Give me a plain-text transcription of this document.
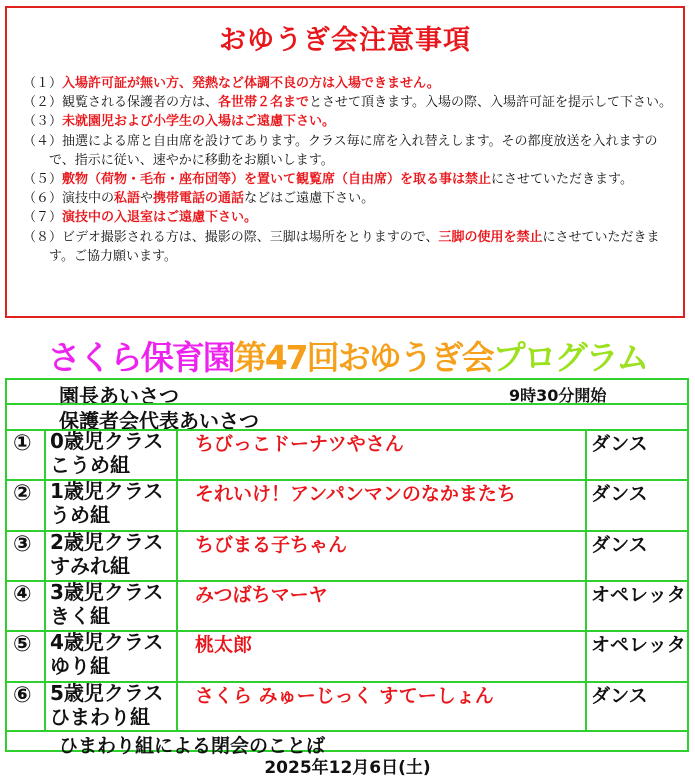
おゆうぎ会注意事項
（１）入場許可証が無い方、発熱など体調不良の方は入場できません。
（２）観覧される保護者の方は、各世帯２名までとさせて頂きます。入場の際、入場許可証を提示して下さい。
（３）未就園児および小学生の入場はご遠慮下さい。
（４）抽選による席と自由席を設けてあります。クラス毎に席を入れ替えします。その都度放送を入れますので、指示に従い、速やかに移動をお願いします。
（５）敷物（荷物・毛布・座布団等）を置いて観覧席（自由席）を取る事は禁止にさせていただきます。
（６）演技中の私語や携帯電話の通話などはご遠慮下さい。
（７）演技中の入退室はご遠慮下さい。
（８）ビデオ撮影される方は、撮影の際、三脚は場所をとりますので、三脚の使用を禁止にさせていただきます。ご協力願います。
さくら保育園第47回おゆうぎ会プログラム
園長あいさつ	9時30分開始
保護者会代表あいさつ
① 0歳児クラス
こうめ組
ちびっこドーナツやさん	ダンス
② 1歳児クラス
うめ組
それいけ！アンパンマンのなかまたち	ダンス
③ 2歳児クラス
すみれ組
ちびまる子ちゃん	ダンス
④ 3歳児クラス
きく組
みつばちマーヤ	オペレッタ
⑤ 4歳児クラス
ゆり組
桃太郎	オペレッタ
⑥ 5歳児クラス
ひまわり組
さくら みゅーじっく すてーしょん	ダンス
ひまわり組による閉会のことば
2025年12月6日(土)
